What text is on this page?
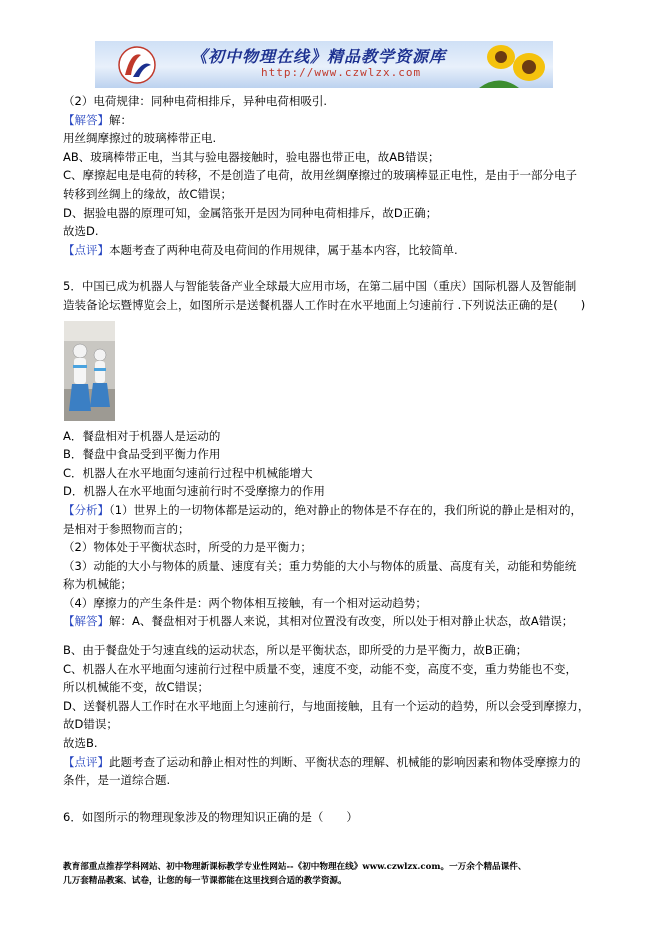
《初中物理在线》精品教学资源库
http://www.czwlzx.com

（2）电荷规律：同种电荷相排斥，异种电荷相吸引.

【解答】解：

用丝绸摩擦过的玻璃棒带正电.

AB、玻璃棒带正电，当其与验电器接触时，验电器也带正电，故AB错误；

C、摩擦起电是电荷的转移，不是创造了电荷，故用丝绸摩擦过的玻璃棒显正电性，是由于一部分电子

转移到丝绸上的缘故，故C错误；

D、据验电器的原理可知，金属箔张开是因为同种电荷相排斥，故D正确；

故选D.

【点评】本题考查了两种电荷及电荷间的作用规律，属于基本内容，比较简单.

5．中国已成为机器人与智能装备产业全球最大应用市场，在第二届中国（重庆）国际机器人及智能制

造装备论坛暨博览会上，如图所示是送餐机器人工作时在水平地面上匀速前行 .下列说法正确的是(　　)

A．餐盘相对于机器人是运动的

B．餐盘中食品受到平衡力作用

C．机器人在水平地面匀速前行过程中机械能增大

D．机器人在水平地面匀速前行时不受摩擦力的作用

【分析】（1）世界上的一切物体都是运动的，绝对静止的物体是不存在的，我们所说的静止是相对的，

是相对于参照物而言的；

（2）物体处于平衡状态时，所受的力是平衡力；

（3）动能的大小与物体的质量、速度有关；重力势能的大小与物体的质量、高度有关，动能和势能统

称为机械能；

（4）摩擦力的产生条件是：两个物体相互接触，有一个相对运动趋势；

【解答】解：A、餐盘相对于机器人来说，其相对位置没有改变，所以处于相对静止状态，故A错误；

B、由于餐盘处于匀速直线的运动状态，所以是平衡状态，即所受的力是平衡力，故B正确；

C、机器人在水平地面匀速前行过程中质量不变，速度不变，动能不变，高度不变，重力势能也不变，

所以机械能不变，故C错误；

D、送餐机器人工作时在水平地面上匀速前行，与地面接触，且有一个运动的趋势，所以会受到摩擦力，

故D错误；

故选B.

【点评】此题考查了运动和静止相对性的判断、平衡状态的理解、机械能的影响因素和物体受摩擦力的

条件，是一道综合题.

6．如图所示的物理现象涉及的物理知识正确的是（　　）

教育部重点推荐学科网站、初中物理新课标教学专业性网站--《初中物理在线》www.czwlzx.com。一万余个精品课件、
几万套精品教案、试卷，让您的每一节课都能在这里找到合适的教学资源。
